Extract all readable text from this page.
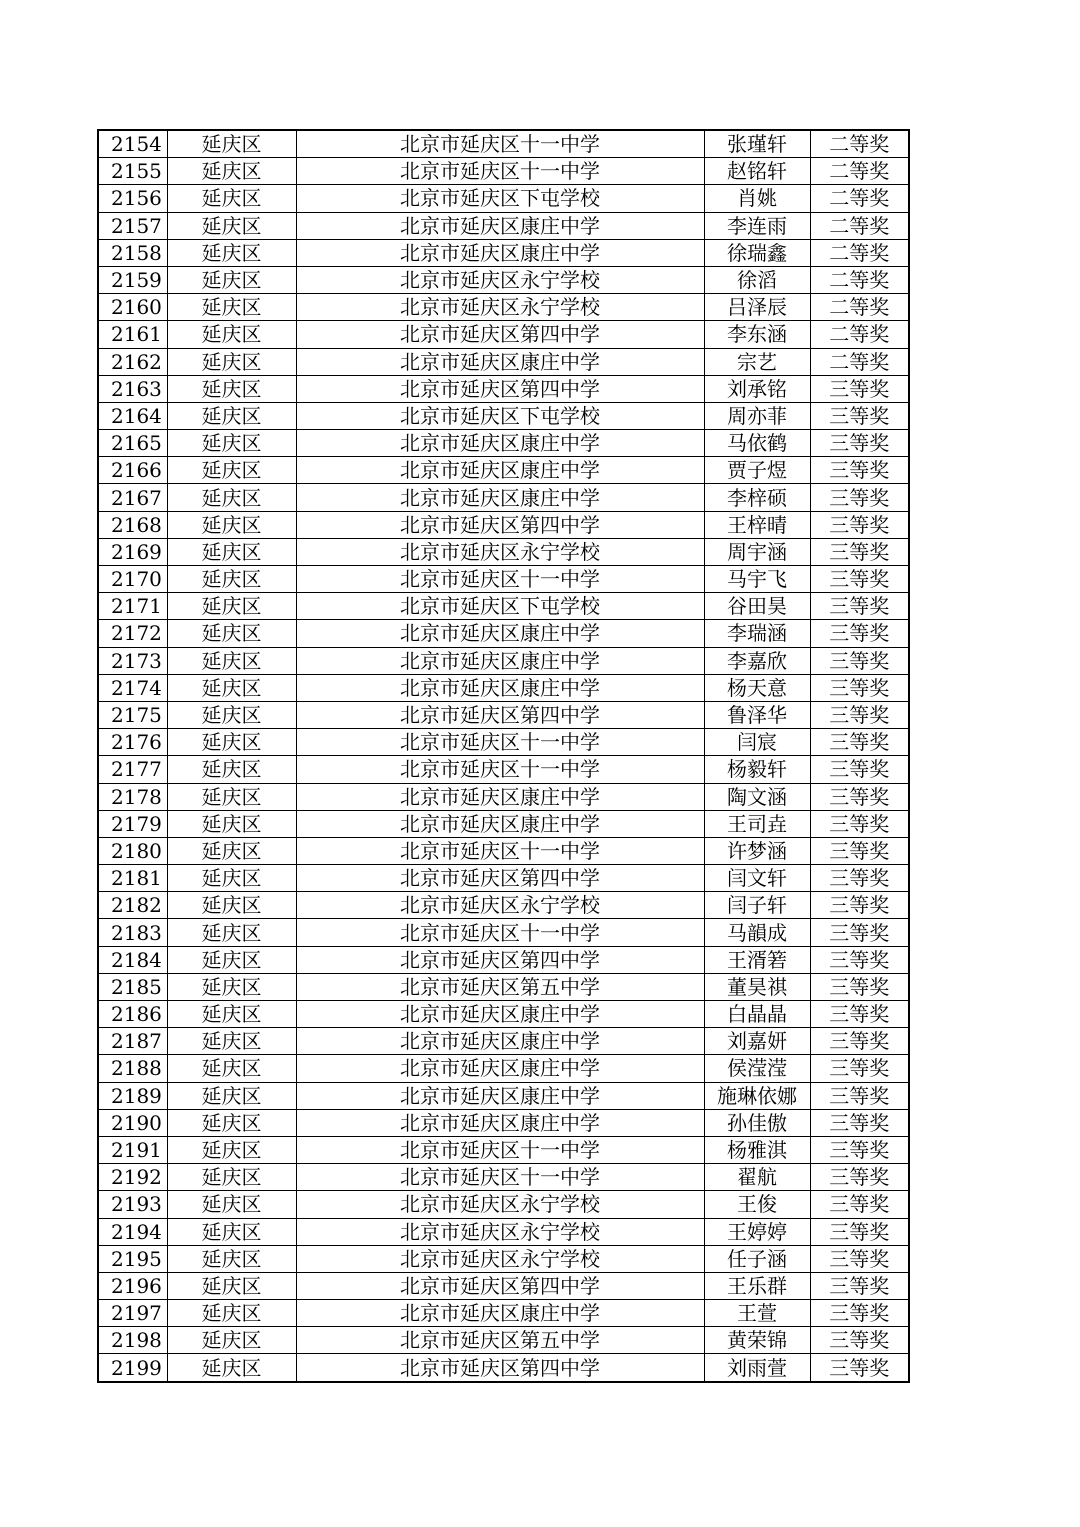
2154	延庆区	北京市延庆区十一中学	张瑾轩	二等奖
2155	延庆区	北京市延庆区十一中学	赵铭轩	二等奖
2156	延庆区	北京市延庆区下屯学校	肖姚	二等奖
2157	延庆区	北京市延庆区康庄中学	李连雨	二等奖
2158	延庆区	北京市延庆区康庄中学	徐瑞鑫	二等奖
2159	延庆区	北京市延庆区永宁学校	徐滔	二等奖
2160	延庆区	北京市延庆区永宁学校	吕泽辰	二等奖
2161	延庆区	北京市延庆区第四中学	李东涵	二等奖
2162	延庆区	北京市延庆区康庄中学	宗艺	二等奖
2163	延庆区	北京市延庆区第四中学	刘承铭	三等奖
2164	延庆区	北京市延庆区下屯学校	周亦菲	三等奖
2165	延庆区	北京市延庆区康庄中学	马依鹤	三等奖
2166	延庆区	北京市延庆区康庄中学	贾子煜	三等奖
2167	延庆区	北京市延庆区康庄中学	李梓硕	三等奖
2168	延庆区	北京市延庆区第四中学	王梓晴	三等奖
2169	延庆区	北京市延庆区永宁学校	周宇涵	三等奖
2170	延庆区	北京市延庆区十一中学	马宇飞	三等奖
2171	延庆区	北京市延庆区下屯学校	谷田昊	三等奖
2172	延庆区	北京市延庆区康庄中学	李瑞涵	三等奖
2173	延庆区	北京市延庆区康庄中学	李嘉欣	三等奖
2174	延庆区	北京市延庆区康庄中学	杨天意	三等奖
2175	延庆区	北京市延庆区第四中学	鲁泽华	三等奖
2176	延庆区	北京市延庆区十一中学	闫宸	三等奖
2177	延庆区	北京市延庆区十一中学	杨毅轩	三等奖
2178	延庆区	北京市延庆区康庄中学	陶文涵	三等奖
2179	延庆区	北京市延庆区康庄中学	王司垚	三等奖
2180	延庆区	北京市延庆区十一中学	许梦涵	三等奖
2181	延庆区	北京市延庆区第四中学	闫文轩	三等奖
2182	延庆区	北京市延庆区永宁学校	闫子轩	三等奖
2183	延庆区	北京市延庆区十一中学	马韻成	三等奖
2184	延庆区	北京市延庆区第四中学	王湑箬	三等奖
2185	延庆区	北京市延庆区第五中学	董昊祺	三等奖
2186	延庆区	北京市延庆区康庄中学	白晶晶	三等奖
2187	延庆区	北京市延庆区康庄中学	刘嘉妍	三等奖
2188	延庆区	北京市延庆区康庄中学	侯滢滢	三等奖
2189	延庆区	北京市延庆区康庄中学	施琳依娜	三等奖
2190	延庆区	北京市延庆区康庄中学	孙佳傲	三等奖
2191	延庆区	北京市延庆区十一中学	杨雅淇	三等奖
2192	延庆区	北京市延庆区十一中学	翟航	三等奖
2193	延庆区	北京市延庆区永宁学校	王俊	三等奖
2194	延庆区	北京市延庆区永宁学校	王婷婷	三等奖
2195	延庆区	北京市延庆区永宁学校	任子涵	三等奖
2196	延庆区	北京市延庆区第四中学	王乐群	三等奖
2197	延庆区	北京市延庆区康庄中学	王萱	三等奖
2198	延庆区	北京市延庆区第五中学	黄荣锦	三等奖
2199	延庆区	北京市延庆区第四中学	刘雨萱	三等奖
